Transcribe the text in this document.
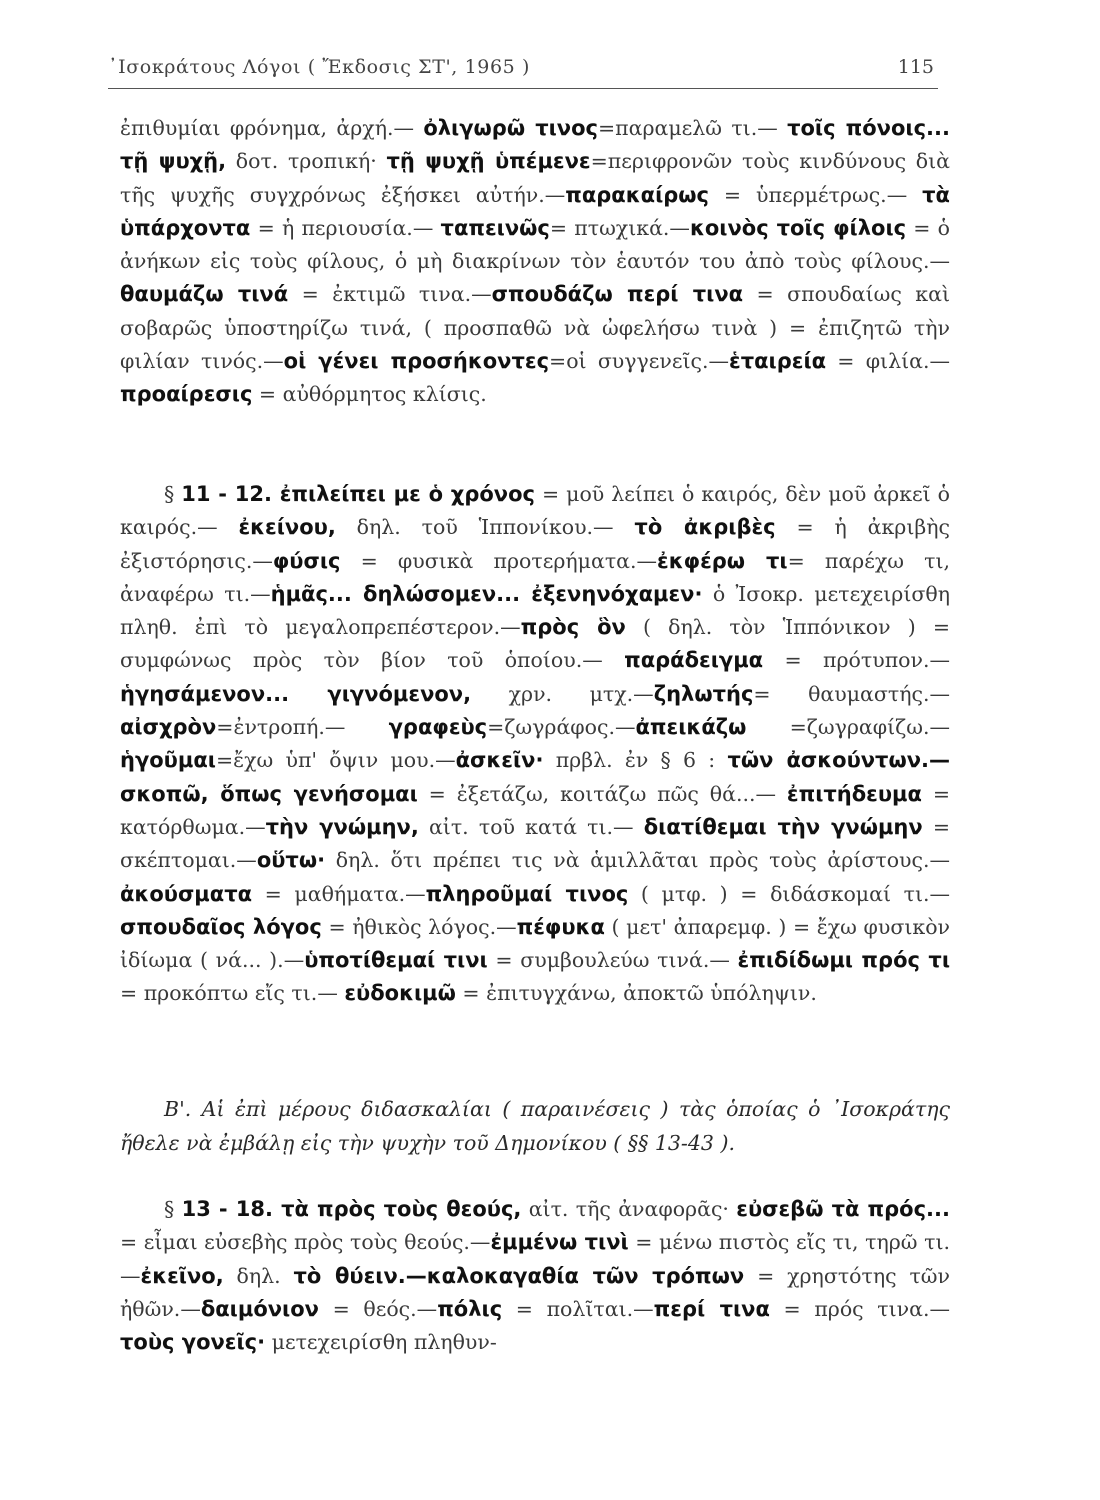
᾿Ισοκράτους Λόγοι ( Ἔκδοσις ΣΤ', 1965 )	115

ἐπιθυμίαι φρόνημα, ἀρχή.— ὀλιγωρῶ τινος=παραμελῶ τι.— τοῖς πόνοις... τῇ ψυχῇ, δοτ. τροπική· τῇ ψυχῇ ὑπέμενε=περιφρονῶν τοὺς κινδύνους διὰ τῆς ψυχῆς συγχρόνως ἐξήσκει αὐτήν.—παρακαίρως = ὑπερμέτρως.— τὰ ὑπάρχοντα = ἡ περιουσία.— ταπεινῶς= πτωχικά.—κοινὸς τοῖς φίλοις = ὁ ἀνήκων εἰς τοὺς φίλους, ὁ μὴ διακρίνων τὸν ἑαυτόν του ἀπὸ τοὺς φίλους.—θαυμάζω τινά = ἐκτιμῶ τινα.—σπουδάζω περί τινα = σπουδαίως καὶ σοβαρῶς ὑποστηρίζω τινά, ( προσπαθῶ νὰ ὠφελήσω τινὰ ) = ἐπιζητῶ τὴν φιλίαν τινός.—οἱ γένει προσήκοντες=οἱ συγγενεῖς.—ἑταιρεία = φιλία.—προαίρεσις = αὐθόρμητος κλίσις.

§ 11 - 12. ἐπιλείπει με ὁ χρόνος = μοῦ λείπει ὁ καιρός, δὲν μοῦ ἀρκεῖ ὁ καιρός.— ἐκείνου, δηλ. τοῦ Ἱππονίκου.— τὸ ἀκριβὲς = ἡ ἀκριβὴς ἐξιστόρησις.—φύσις = φυσικὰ προτερήματα.—ἐκφέρω τι= παρέχω τι, ἀναφέρω τι.—ἡμᾶς... δηλώσομεν... ἐξενηνόχαμεν· ὁ Ἰσοκρ. μετεχειρίσθη πληθ. ἐπὶ τὸ μεγαλοπρεπέστερον.—πρὸς ὃν ( δηλ. τὸν Ἱππόνικον ) = συμφώνως πρὸς τὸν βίον τοῦ ὁποίου.— παράδειγμα = πρότυπον.— ἡγησάμενον... γιγνόμενον, χρν. μτχ.—ζηλωτής= θαυμαστής.— αἰσχρὸν=ἐντροπή.— γραφεὺς=ζωγράφος.—ἀπεικάζω =ζωγραφίζω.—ἡγοῦμαι=ἔχω ὑπ' ὄψιν μου.—ἀσκεῖν· πρβλ. ἐν § 6 : τῶν ἀσκούντων.—σκοπῶ, ὅπως γενήσομαι = ἐξετάζω, κοιτάζω πῶς θά...— ἐπιτήδευμα = κατόρθωμα.—τὴν γνώμην, αἰτ. τοῦ κατά τι.— διατίθεμαι τὴν γνώμην = σκέπτομαι.—οὕτω· δηλ. ὅτι πρέπει τις νὰ ἁμιλλᾶται πρὸς τοὺς ἀρίστους.—ἀκούσματα = μαθήματα.—πληροῦμαί τινος ( μτφ. ) = διδάσκομαί τι.— σπουδαῖος λόγος = ἠθικὸς λόγος.—πέφυκα ( μετ' ἀπαρεμφ. ) = ἔχω φυσικὸν ἰδίωμα ( νά... ).—ὑποτίθεμαί τινι = συμβουλεύω τινά.— ἐπιδίδωμι πρός τι = προκόπτω εἴς τι.— εὐδοκιμῶ = ἐπιτυγχάνω, ἀποκτῶ ὑπόληψιν.

Β'. Αἱ ἐπὶ μέρους διδασκαλίαι ( παραινέσεις ) τὰς ὁποίας ὁ ᾿Ισοκράτης ἤθελε νὰ ἐμβάλῃ εἰς τὴν ψυχὴν τοῦ Δημονίκου ( §§ 13-43 ).

§ 13 - 18. τὰ πρὸς τοὺς θεούς, αἰτ. τῆς ἀναφορᾶς· εὐσεβῶ τὰ πρός... = εἶμαι εὐσεβὴς πρὸς τοὺς θεούς.—ἐμμένω τινὶ = μένω πιστὸς εἴς τι, τηρῶ τι.—ἐκεῖνο, δηλ. τὸ θύειν.—καλοκαγαθία τῶν τρόπων = χρηστότης τῶν ἠθῶν.—δαιμόνιον = θεός.—πόλις = πολῖται.—περί τινα = πρός τινα.— τοὺς γονεῖς· μετεχειρίσθη πληθυν-
